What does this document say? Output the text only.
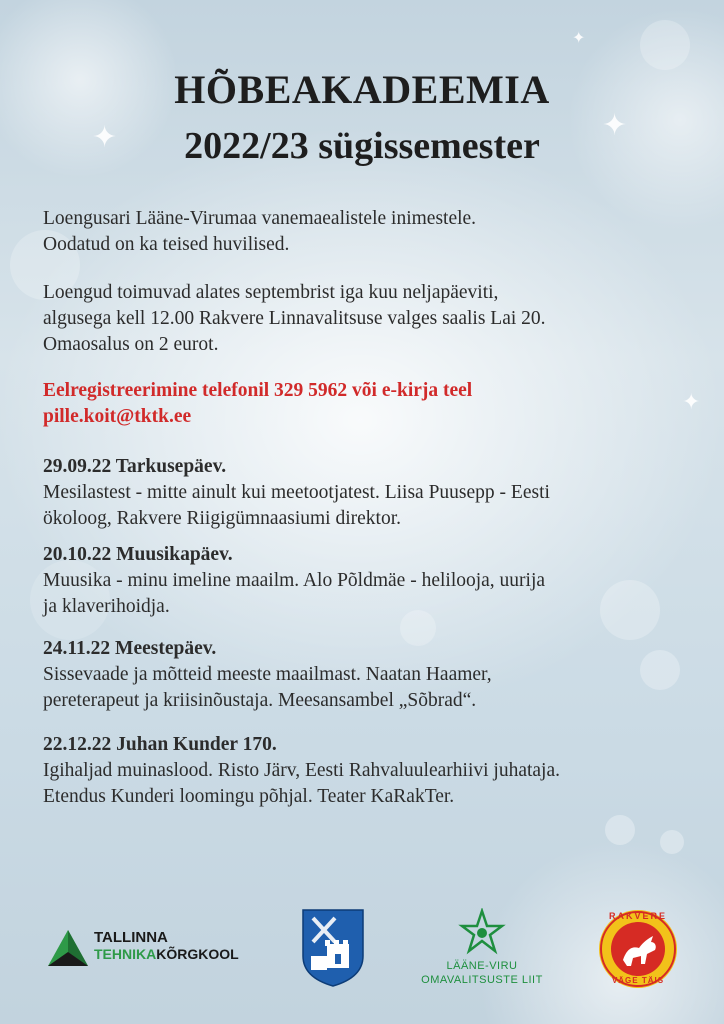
✦	✦
✦
✦
HÕBEAKADEEMIA
2022/23 sügissemester
Loengusari Lääne-Virumaa vanemaealistele inimestele.
Oodatud on ka teised huvilised.
Loengud toimuvad alates septembrist iga kuu neljapäeviti,
algusega kell 12.00 Rakvere Linnavalitsuse valges saalis Lai 20.
Omaosalus on 2 eurot.
Eelregistreerimine telefonil 329 5962 või e-kirja teel
pille.koit@tktk.ee
29.09.22 Tarkusepäev.
Mesilastest - mitte ainult kui meetootjatest. Liisa Puusepp - Eesti
ökoloog, Rakvere Riigigümnaasiumi direktor.
20.10.22 Muusikapäev.
Muusika - minu imeline maailm. Alo Põldmäe - helilooja, uurija
ja klaverihoidja.
24.11.22 Meestepäev.
Sissevaade ja mõtteid meeste maailmast. Naatan Haamer,
pereterapeut ja kriisinõustaja. Meesansambel „Sõbrad“.
22.12.22 Juhan Kunder 170.
Igihaljad muinaslood. Risto Järv, Eesti Rahvaluulearhiivi juhataja.
Etendus Kunderi loomingu põhjal. Teater KaRakTer.
TALLINNA
TEHNIKAKÕRGKOOL
LÄÄNE-VIRU
OMAVALITSUSTE LIIT
RAKVERE
VÄGE TÄIS
